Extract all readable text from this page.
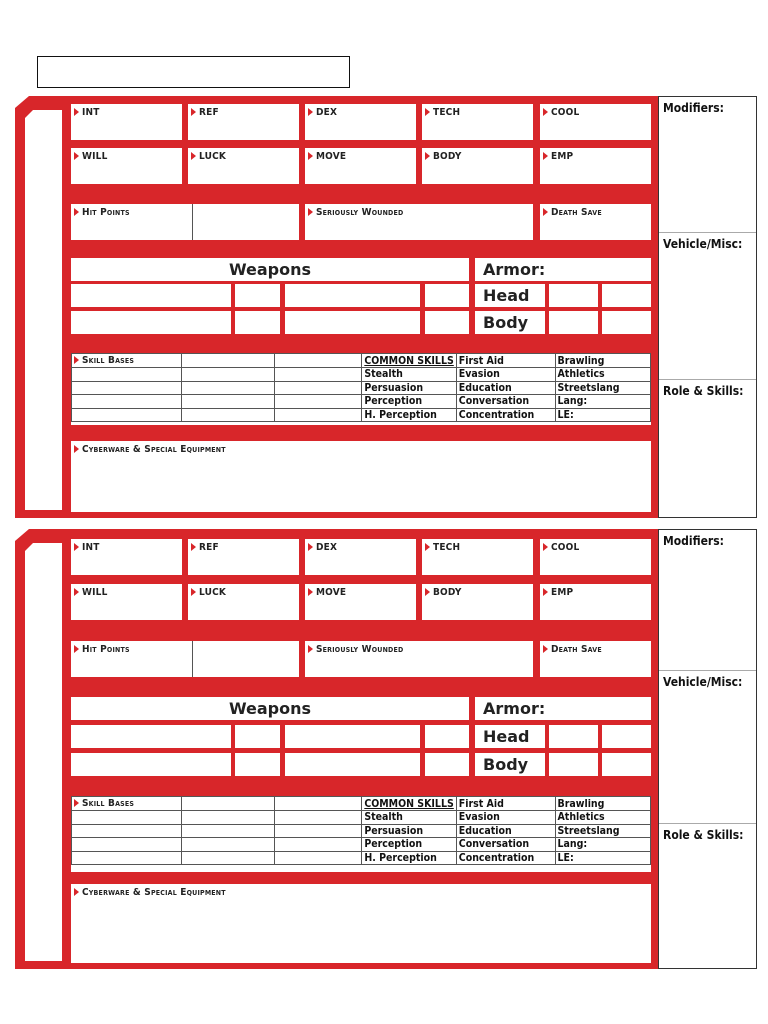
INT	REF	DEX	TECH	COOL
WILL	LUCK	MOVE	BODY	EMP
Hit Points	Seriously Wounded	Death Save
Weapons	Armor:
Head
Body
Skill Bases			COMMON SKILLS	First Aid	Brawling
			Stealth	Evasion	Athletics
			Persuasion	Education	Streetslang
			Perception	Conversation	Lang:
			H. Perception	Concentration	LE:
Cyberware & Special Equipment
Modifiers:
Vehicle/Misc:
Role & Skills:
INT	REF	DEX	TECH	COOL
WILL	LUCK	MOVE	BODY	EMP
Hit Points	Seriously Wounded	Death Save
Weapons	Armor:
Head
Body
Skill Bases			COMMON SKILLS	First Aid	Brawling
			Stealth	Evasion	Athletics
			Persuasion	Education	Streetslang
			Perception	Conversation	Lang:
			H. Perception	Concentration	LE:
Cyberware & Special Equipment
Modifiers:
Vehicle/Misc:
Role & Skills:
